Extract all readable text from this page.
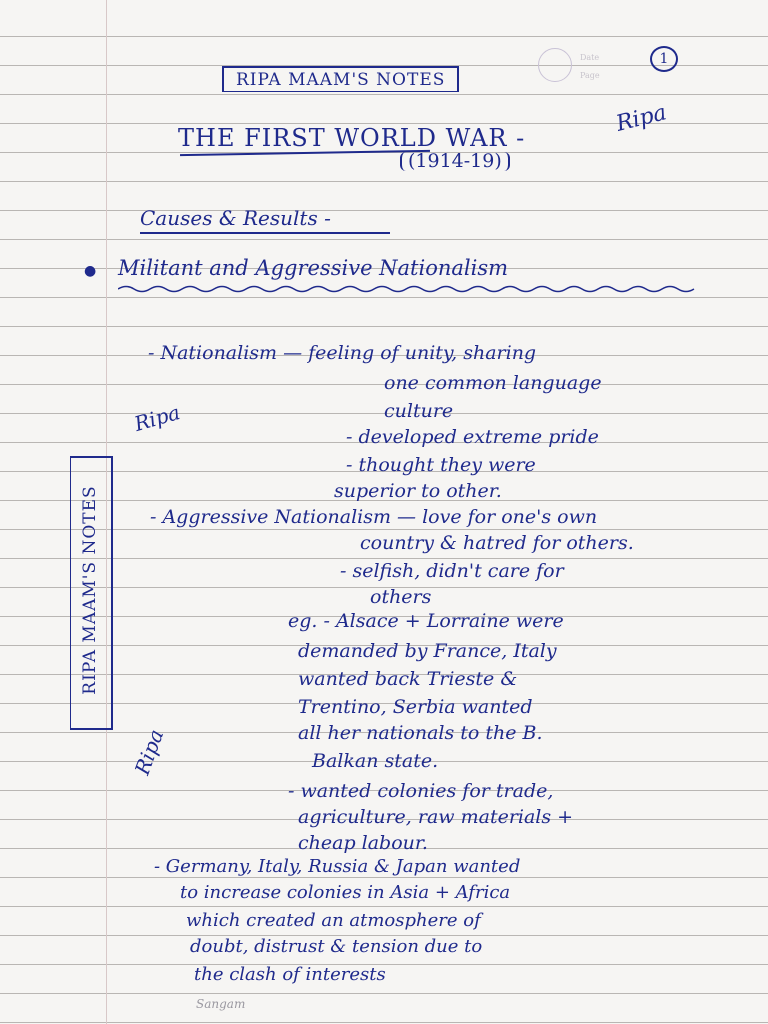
Date
Page
1
RIPA MAAM'S NOTES
THE FIRST WORLD WAR -
(1914-19)
Ripa
Causes & Results -
● Militant and Aggressive Nationalism
- Nationalism — feeling of unity, sharing
one common language
culture
- developed extreme pride
- thought they were
superior to other.
Ripa
RIPA MAAM'S NOTES	- Aggressive Nationalism — love for one's own
country & hatred for others.
- selfish, didn't care for
others
eg. - Alsace + Lorraine were
demanded by France, Italy
wanted back Trieste &
Trentino, Serbia wanted
all her nationals to the B.
Balkan state.
Ripa
- wanted colonies for trade,
agriculture, raw materials +
cheap labour.
- Germany, Italy, Russia & Japan wanted
to increase colonies in Asia + Africa
which created an atmosphere of
doubt, distrust & tension due to
the clash of interests
Sangam
